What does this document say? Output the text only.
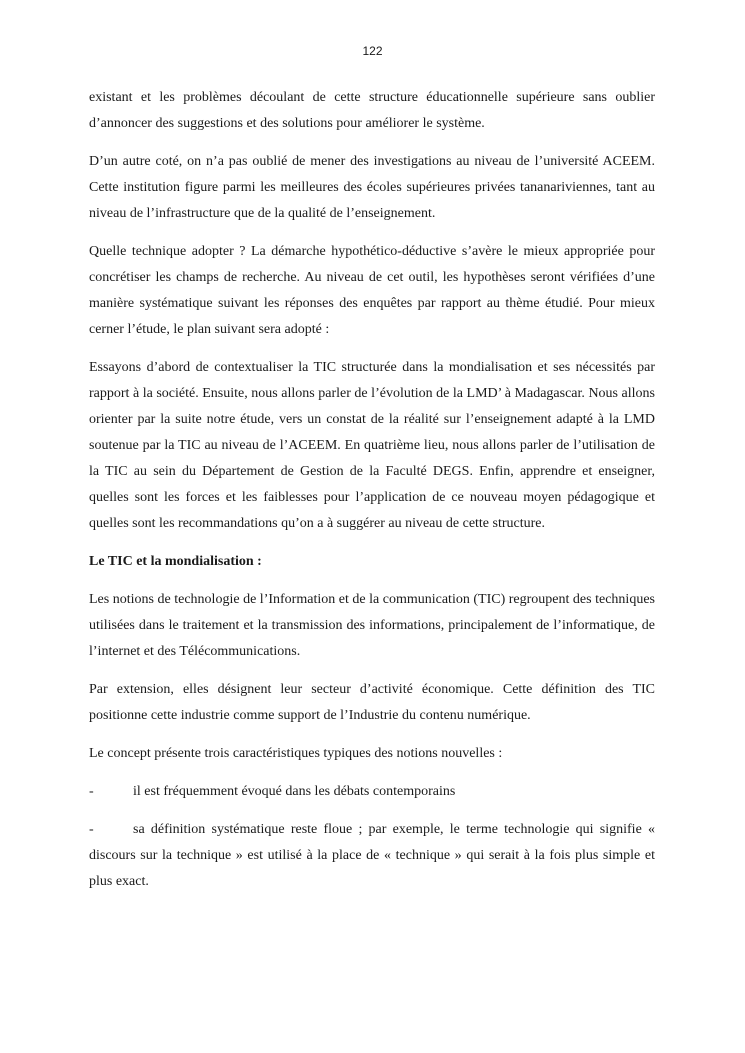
122

existant et les problèmes découlant de cette structure éducationnelle supérieure sans oublier d’annoncer des suggestions et des solutions pour améliorer le système.

D’un autre coté, on n’a pas oublié de mener des investigations au niveau de l’université ACEEM. Cette institution figure parmi les meilleures des écoles supérieures privées tananariviennes, tant au niveau de l’infrastructure que de la qualité de l’enseignement.

Quelle technique adopter ? La démarche hypothético-déductive s’avère le mieux appropriée pour concrétiser les champs de recherche. Au niveau de cet outil, les hypothèses seront vérifiées d’une manière systématique suivant les réponses des enquêtes par rapport au thème étudié. Pour mieux cerner l’étude, le plan suivant sera adopté :

Essayons d’abord de contextualiser la TIC structurée dans la mondialisation et ses nécessités par rapport à la société. Ensuite, nous allons parler de l’évolution de la LMD’ à Madagascar. Nous allons orienter par la suite notre étude, vers un constat de la réalité sur l’enseignement adapté à la LMD soutenue par la TIC au niveau de l’ACEEM. En quatrième lieu, nous allons parler de l’utilisation de la TIC au sein du Département de Gestion de la Faculté DEGS. Enfin, apprendre et enseigner, quelles sont les forces et les faiblesses pour l’application de ce nouveau moyen pédagogique et quelles sont les recommandations qu’on a à suggérer au niveau de cette structure.

Le TIC et la mondialisation :

Les notions de technologie de l’Information et de la communication (TIC) regroupent des techniques utilisées dans le traitement et la transmission des informations, principalement de l’informatique, de l’internet et des Télécommunications.

Par extension, elles désignent leur secteur d’activité économique. Cette définition des TIC positionne cette industrie comme support de l’Industrie du contenu numérique.

Le concept présente trois caractéristiques typiques des notions nouvelles :

-	il est fréquemment évoqué dans les débats contemporains

-	sa définition systématique reste floue ; par exemple, le terme technologie qui signifie « discours sur la technique » est utilisé à la place de « technique » qui serait à la fois plus simple et plus exact.
